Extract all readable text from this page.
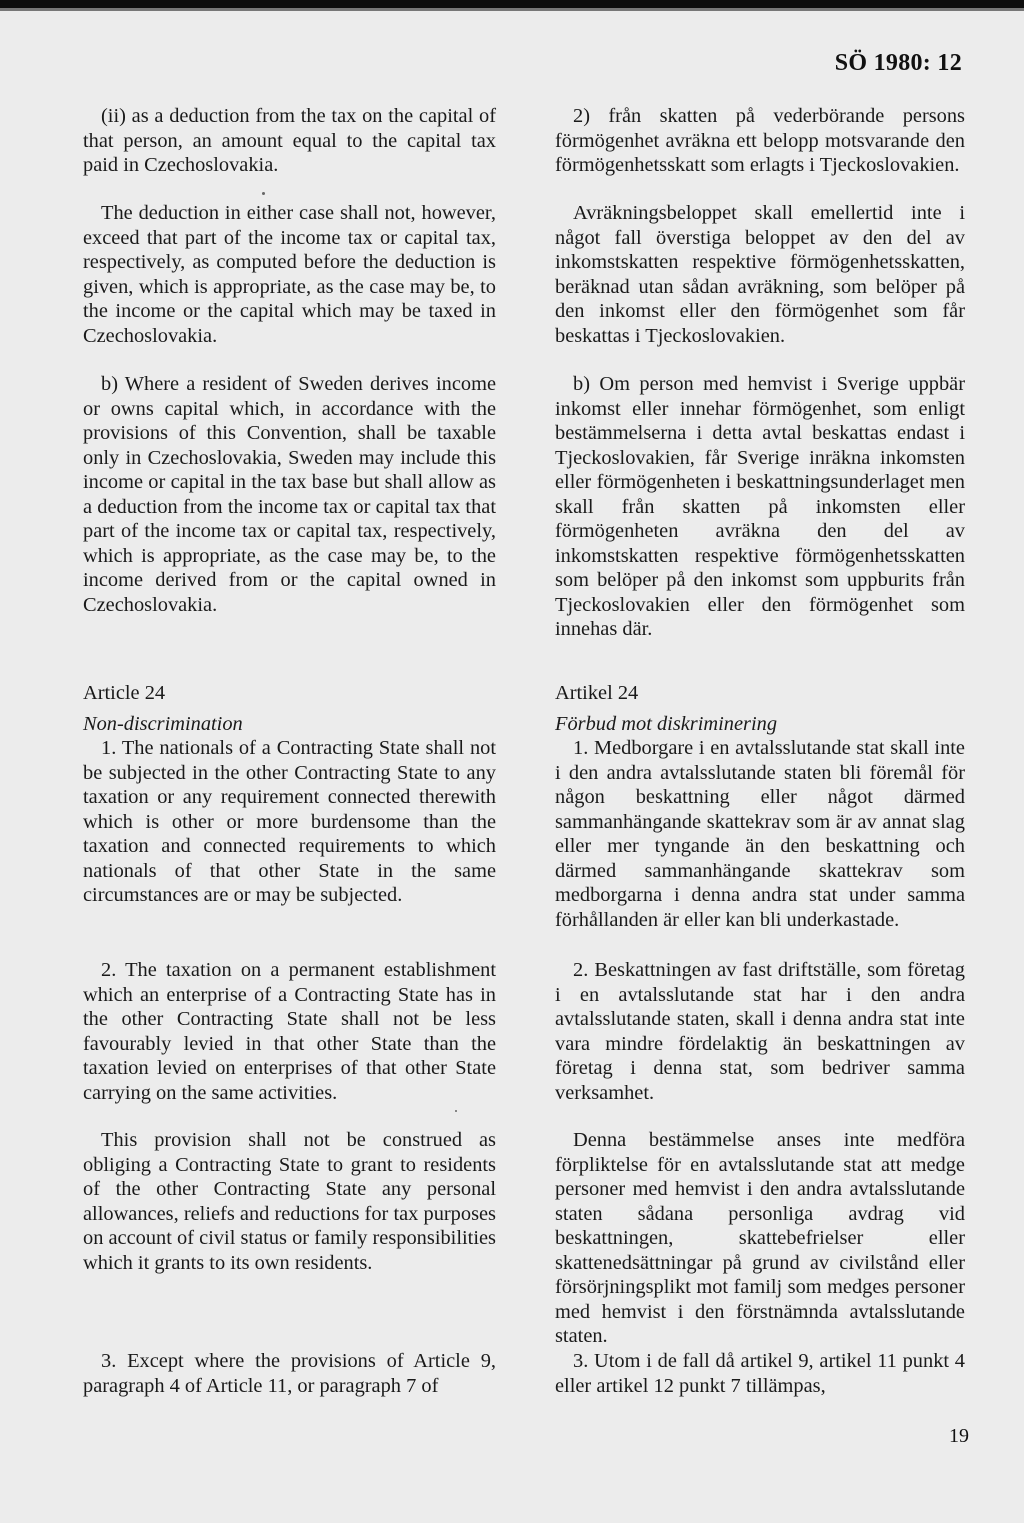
SÖ 1980: 12

(ii) as a deduction from the tax on the capital of that person, an amount equal to the capital tax paid in Czechoslovakia.

The deduction in either case shall not, however, exceed that part of the income tax or capital tax, respectively, as computed before the deduction is given, which is appropriate, as the case may be, to the income or the capital which may be taxed in Czechoslovakia.

b) Where a resident of Sweden derives income or owns capital which, in accordance with the provisions of this Convention, shall be taxable only in Czechoslovakia, Sweden may include this income or capital in the tax base but shall allow as a deduction from the income tax or capital tax that part of the income tax or capital tax, respectively, which is appropriate, as the case may be, to the income derived from or the capital owned in Czechoslovakia.

Article 24
Non-discrimination

1. The nationals of a Contracting State shall not be subjected in the other Contracting State to any taxation or any requirement connected therewith which is other or more burdensome than the taxation and connected requirements to which nationals of that other State in the same circumstances are or may be subjected.

2. The taxation on a permanent establishment which an enterprise of a Contracting State has in the other Contracting State shall not be less favourably levied in that other State than the taxation levied on enterprises of that other State carrying on the same activities.

This provision shall not be construed as obliging a Contracting State to grant to residents of the other Contracting State any personal allowances, reliefs and reductions for tax purposes on account of civil status or family responsibilities which it grants to its own residents.

3. Except where the provisions of Article 9, paragraph 4 of Article 11, or paragraph 7 of

2) från skatten på vederbörande persons förmögenhet avräkna ett belopp motsvarande den förmögenhetsskatt som erlagts i Tjeckoslovakien.

Avräkningsbeloppet skall emellertid inte i något fall överstiga beloppet av den del av inkomstskatten respektive förmögenhetsskatten, beräknad utan sådan avräkning, som belöper på den inkomst eller den förmögenhet som får beskattas i Tjeckoslovakien.

b) Om person med hemvist i Sverige uppbär inkomst eller innehar förmögenhet, som enligt bestämmelserna i detta avtal beskattas endast i Tjeckoslovakien, får Sverige inräkna inkomsten eller förmögenheten i beskattningsunderlaget men skall från skatten på inkomsten eller förmögenheten avräkna den del av inkomstskatten respektive förmögenhetsskatten som belöper på den inkomst som uppburits från Tjeckoslovakien eller den förmögenhet som innehas där.

Artikel 24
Förbud mot diskriminering

1. Medborgare i en avtalsslutande stat skall inte i den andra avtalsslutande staten bli föremål för någon beskattning eller något därmed sammanhängande skattekrav som är av annat slag eller mer tyngande än den beskattning och därmed sammanhängande skattekrav som medborgarna i denna andra stat under samma förhållanden är eller kan bli underkastade.

2. Beskattningen av fast driftställe, som företag i en avtalsslutande stat har i den andra avtalsslutande staten, skall i denna andra stat inte vara mindre fördelaktig än beskattningen av företag i denna stat, som bedriver samma verksamhet.

Denna bestämmelse anses inte medföra förpliktelse för en avtalsslutande stat att medge personer med hemvist i den andra avtalsslutande staten sådana personliga avdrag vid beskattningen, skattebefrielser eller skattenedsättningar på grund av civilstånd eller försörjningsplikt mot familj som medges personer med hemvist i den förstnämnda avtalsslutande staten.

3. Utom i de fall då artikel 9, artikel 11 punkt 4 eller artikel 12 punkt 7 tillämpas,

19
